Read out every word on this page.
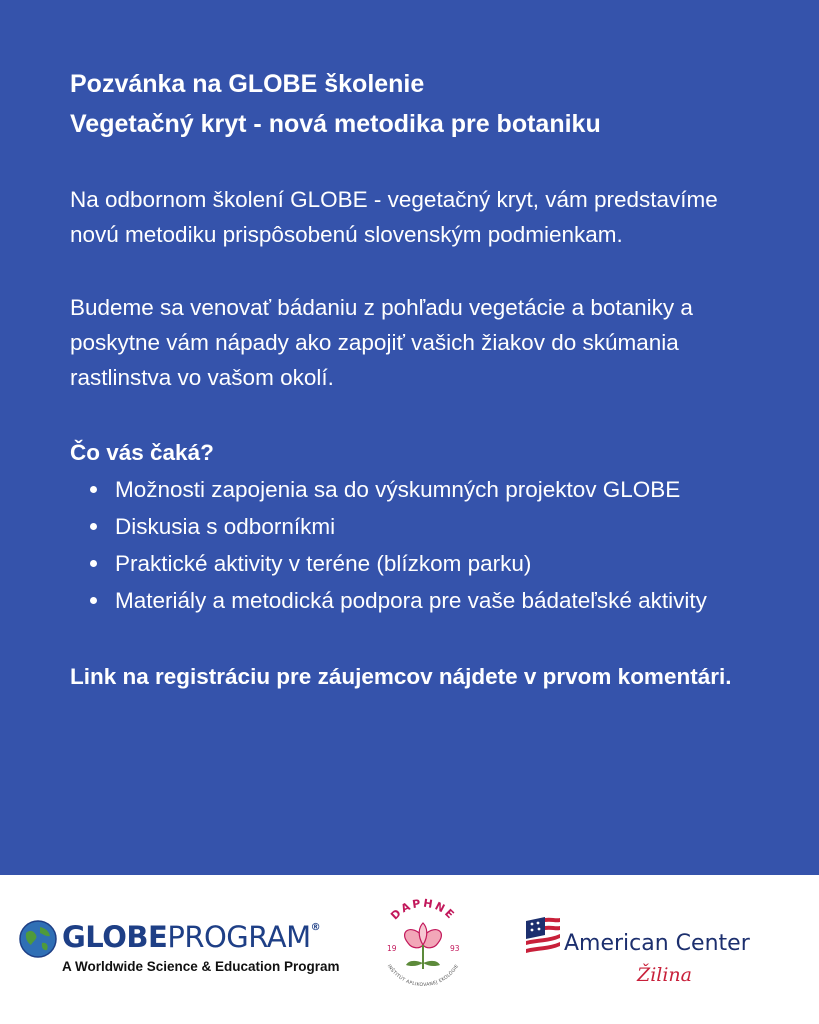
Pozvánka na GLOBE školenie
Vegetačný kryt - nová metodika pre botaniku

Na odbornom školení GLOBE - vegetačný kryt, vám predstavíme novú metodiku prispôsobenú slovenským podmienkam.

Budeme sa venovať bádaniu z pohľadu vegetácie a botaniky a poskytne vám nápady ako zapojiť vašich žiakov do skúmania rastlinstva vo vašom okolí.

Čo vás čaká?
Možnosti zapojenia sa do výskumných projektov GLOBE
Diskusia s odborníkmi
Praktické aktivity v teréne (blízkom parku)
Materiály a metodická podpora pre vaše bádateľské aktivity

Link na registráciu pre záujemcov nájdete v prvom komentári.

GLOBEPROGRAM®
A Worldwide Science & Education Program
DAPHNE
19	93
INŠTITÚT APLIKOVANEJ EKOLÓGIE
American Center
Žilina
